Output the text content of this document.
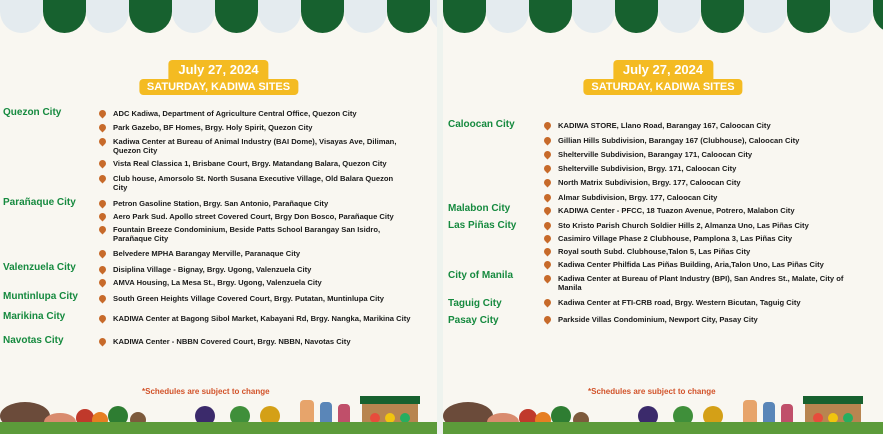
July 27, 2024
SATURDAY, KADIWA SITES
Quezon City	ADC Kadiwa, Department of Agriculture Central Office, Quezon City
Park Gazebo, BF Homes, Brgy. Holy Spirit, Quezon City
Kadiwa Center at Bureau of Animal Industry (BAI Dome), Visayas Ave, Diliman, Quezon City
Vista Real Classica 1, Brisbane Court, Brgy. Matandang Balara, Quezon City
Club house, Amorsolo St. North Susana Executive Village, Old Balara Quezon City
Parañaque City	Petron Gasoline Station, Brgy. San Antonio, Parañaque City
Aero Park Sud. Apollo street Covered Court, Brgy Don Bosco, Parañaque City
Fountain Breeze Condominium, Beside Patts School Barangay San Isidro, Parañaque City
Belvedere MPHA Barangay Merville, Paranaque City
Valenzuela City	Disiplina Village - Bignay, Brgy. Ugong, Valenzuela City
AMVA Housing, La Mesa St., Brgy. Ugong, Valenzuela City
Muntinlupa City	South Green Heights Village Covered Court, Brgy. Putatan, Muntinlupa City
Marikina City	KADIWA Center at Bagong Sibol Market, Kabayani Rd, Brgy. Nangka, Marikina City
Navotas City	KADIWA Center - NBBN Covered Court, Brgy. NBBN, Navotas City
*Schedules are subject to change
July 27, 2024
SATURDAY, KADIWA SITES
Caloocan City	KADIWA STORE, Llano Road, Barangay 167, Caloocan City
Gillian Hills Subdivision, Barangay 167 (Clubhouse), Caloocan City
Shelterville Subdivision, Barangay 171, Caloocan City
Shelterville Subdivision, Brgy. 171, Caloocan City
North Matrix Subdivision, Brgy. 177, Caloocan City
Almar Subdivision, Brgy. 177, Caloocan City
Malabon City	KADIWA Center - PFCC, 18 Tuazon Avenue, Potrero, Malabon City
Las Piñas City	Sto Kristo Parish Church Soldier Hills 2, Almanza Uno, Las Piñas City
Casimiro Village Phase 2 Clubhouse, Pamplona 3, Las Piñas City
Royal south Subd. Clubhouse,Talon 5, Las Piñas City
Kadiwa Center Philfida Las Piñas Building, Aria,Talon Uno, Las Piñas City
City of Manila	Kadiwa Center at Bureau of Plant Industry (BPI), San Andres St., Malate, City of Manila
Taguig City	Kadiwa Center at FTI-CRB road, Brgy. Western Bicutan, Taguig City
Pasay City	Parkside Villas Condominium, Newport City, Pasay City
*Schedules are subject to change
